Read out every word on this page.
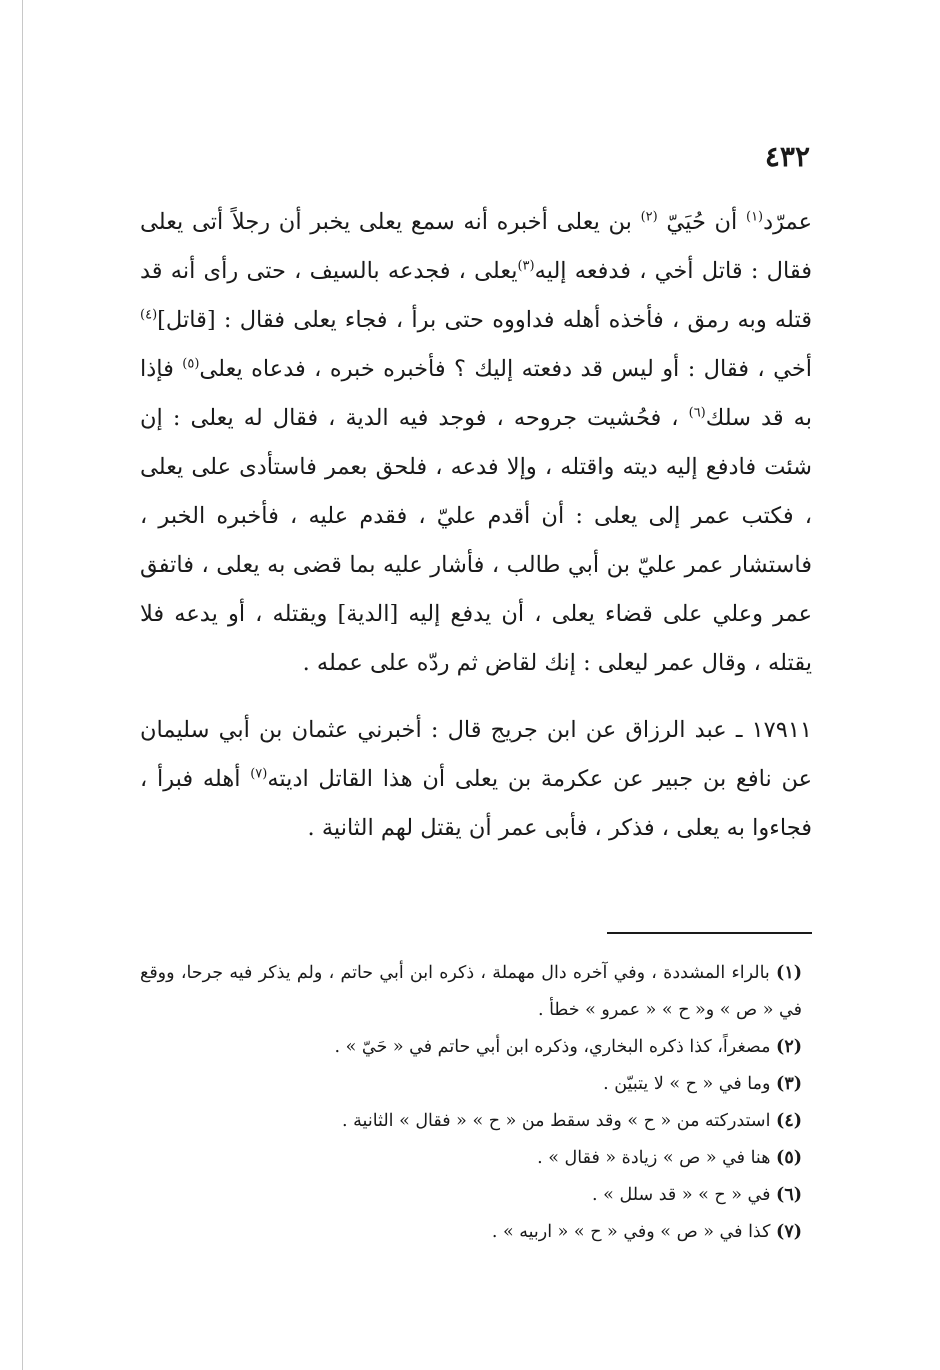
٤٣٢

عمرّد$^{(١)}$ أن حُيَيّ $^{(٢)}$ بن يعلى أخبره أنه سمع يعلى يخبر أن رجلاً أتى يعلى فقال : قاتل أخي ، فدفعه إليه$^{(٣)}$يعلى ، فجدعه بالسيف ، حتى رأى أنه قد قتله وبه رمق ، فأخذه أهله فداووه حتى برأ ، فجاء يعلى فقال : [قاتل]$^{(٤)}$ أخي ، فقال : أو ليس قد دفعته إليك ؟ فأخبره خبره ، فدعاه يعلى$^{(٥)}$ فإذا به قد سلك$^{(٦)}$ ، فحُشيت جروحه ، فوجد فيه الدية ، فقال له يعلى : إن شئت فادفع إليه ديته واقتله ، وإلا فدعه ، فلحق بعمر فاستأدى على يعلى ، فكتب عمر إلى يعلى : أن أقدم عليّ ، فقدم عليه ، فأخبره الخبر ، فاستشار عمر عليّ بن أبي طالب ، فأشار عليه بما قضى به يعلى ، فاتفق عمر وعلي على قضاء يعلى ، أن يدفع إليه [الدية] ويقتله ، أو يدعه فلا يقتله ، وقال عمر ليعلى : إنك لقاض ثم ردّه على عمله .

١٧٩١١ ـ عبد الرزاق عن ابن جريج قال : أخبرني عثمان بن أبي سليمان عن نافع بن جبير عن عكرمة بن يعلى أن هذا القاتل اديته$^{(٧)}$ أهله فبرأ ، فجاءوا به يعلى ، فذكر ، فأبى عمر أن يقتل لهم الثانية .

(١) بالراء المشددة ، وفي آخره دال مهملة ، ذكره ابن أبي حاتم ، ولم يذكر فيه جرحا، ووقع في « ص » و« ح » « عمرو » خطأ .

(٢) مصغراً، كذا ذكره البخاري، وذكره ابن أبي حاتم في « حَيّ » .

(٣) وما في « ح » لا يتبيّن .

(٤) استدركته من « ح » وقد سقط من « ح » « فقال » الثانية .

(٥) هنا في « ص » زيادة « فقال » .

(٦) في « ح » « قد سلل » .

(٧) كذا في « ص » وفي « ح » « اربيه » .
